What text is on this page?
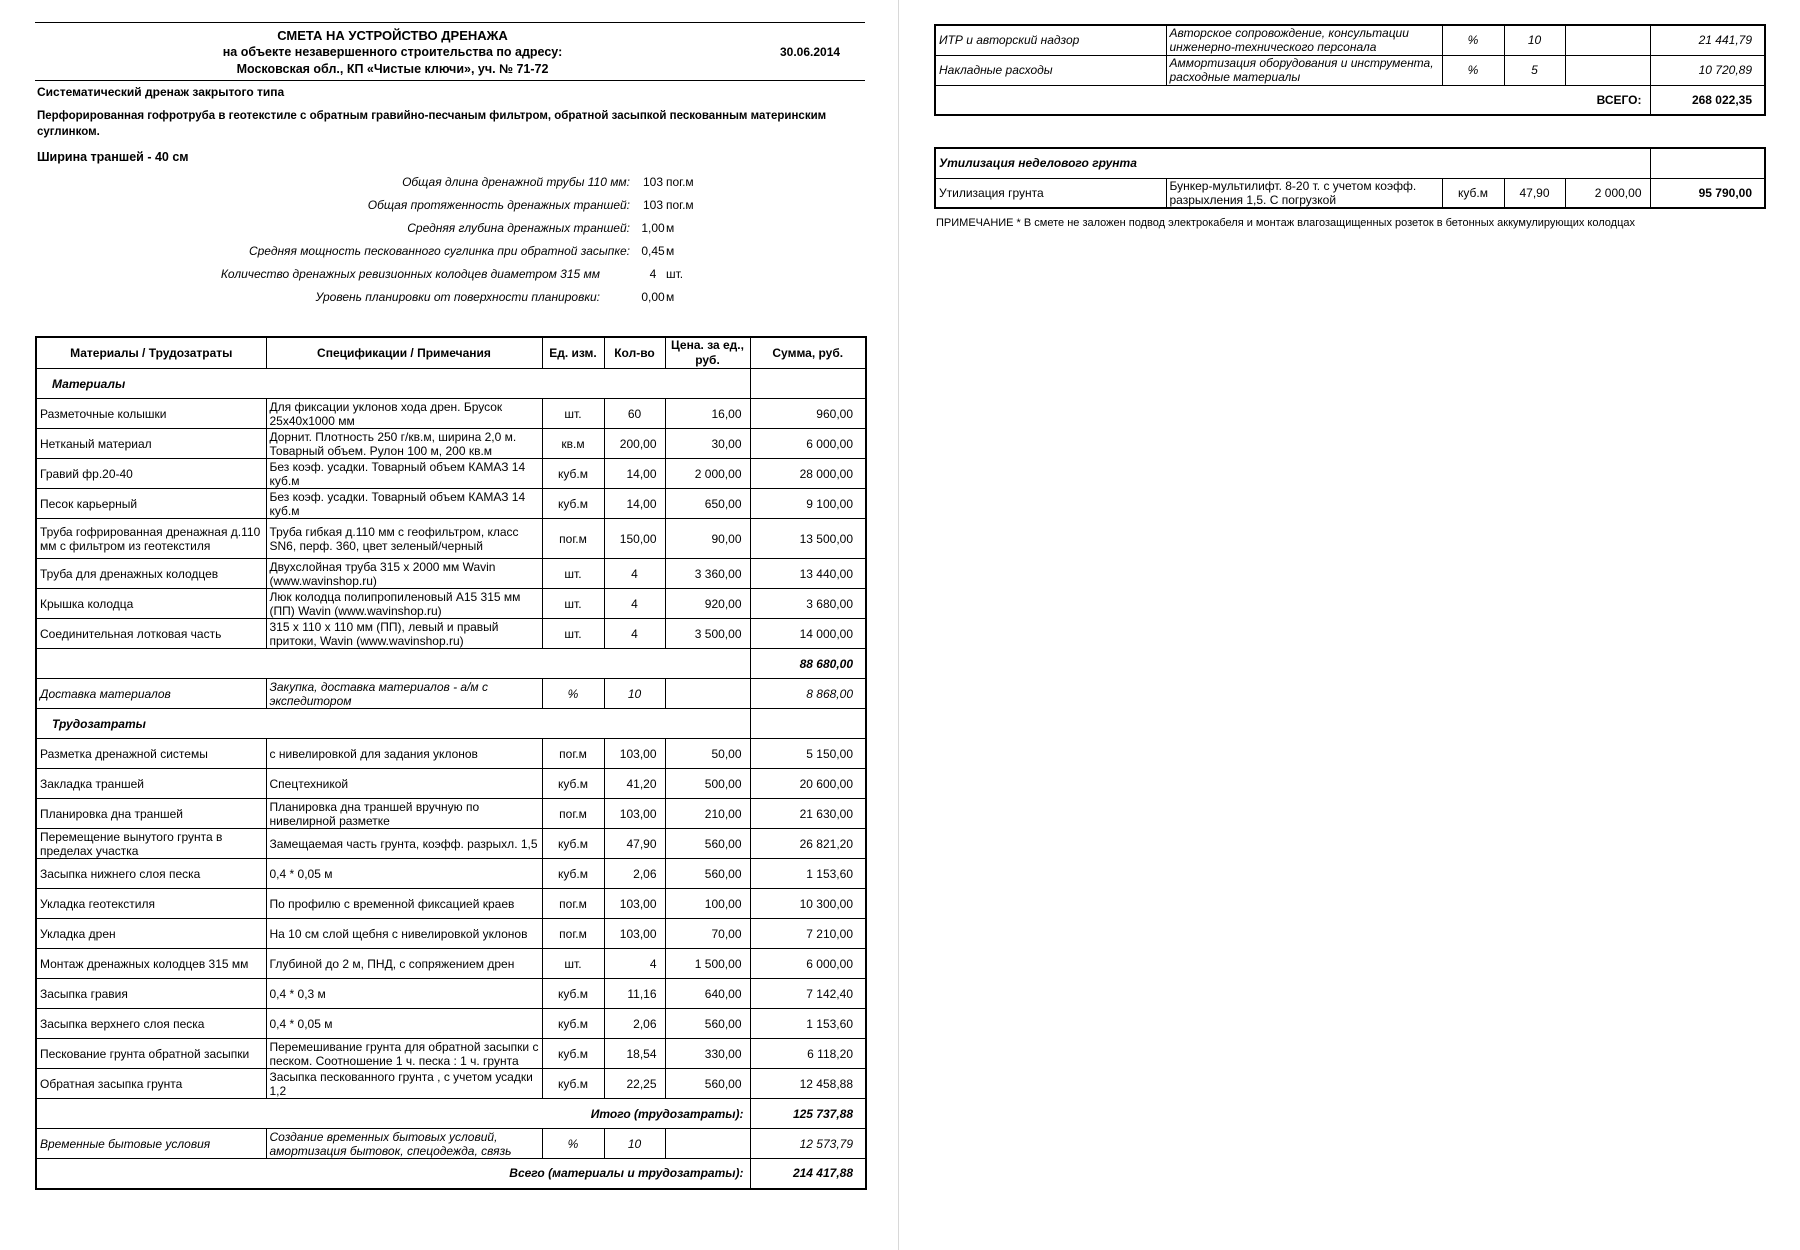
СМЕТА НА УСТРОЙСТВО ДРЕНАЖА
на объекте незавершенного строительства по адресу:	30.06.2014
Московская обл., КП «Чистые ключи», уч. № 71-72
Систематический дренаж закрытого типа
Перфорированная гофротруба в геотекстиле с обратным гравийно-песчаным фильтром, обратной засыпкой пескованным материнским суглинком.
Ширина траншей - 40 см
Общая длина дренажной трубы 110 мм:	103 пог.м
Общая протяженность дренажных траншей:	103 пог.м
Средняя глубина дренажных траншей: 1,00 м
Средняя мощность пескованного суглинка при обратной засыпке: 0,45 м
Количество дренажных ревизионных колодцев диаметром 315 мм	4 шт.
Уровень планировки от поверхности планировки:	0,00 м
Материалы / Трудозатраты	Спецификации / Примечания	Ед. изм.	Кол-во	Цена. за ед., руб.	Сумма, руб.
Материалы					
Разметочные колышки	Для фиксации уклонов хода дрен. Брусок 25х40х1000 мм	шт.	60	16,00	960,00
Нетканый материал	Дорнит. Плотность 250 г/кв.м, ширина 2,0 м. Товарный объем. Рулон 100 м, 200 кв.м	кв.м	200,00	30,00	6 000,00
Гравий фр.20-40	Без коэф. усадки. Товарный объем КАМАЗ 14 куб.м	куб.м	14,00	2 000,00	28 000,00
Песок карьерный	Без коэф. усадки. Товарный объем КАМАЗ 14 куб.м	куб.м	14,00	650,00	9 100,00
Труба гофрированная дренажная д.110 мм с фильтром из геотекстиля	Труба гибкая д.110 мм с геофильтром, класс SN6, перф. 360, цвет зеленый/черный	пог.м	150,00	90,00	13 500,00
Труба для дренажных колодцев	Двухслойная труба 315 х 2000 мм Wavin (www.wavinshop.ru)	шт.	4	3 360,00	13 440,00
Крышка колодца	Люк колодца полипропиленовый А15 315 мм (ПП) Wavin (www.wavinshop.ru)	шт.	4	920,00	3 680,00
Соединительная лотковая часть	315 х 110 х 110 мм (ПП), левый и правый притоки, Wavin (www.wavinshop.ru)	шт.	4	3 500,00	14 000,00
					88 680,00
Доставка материалов	Закупка, доставка материалов - а/м с экспедитором	%	10		8 868,00
Трудозатраты					
Разметка дренажной системы	с нивелировкой для задания уклонов	пог.м	103,00	50,00	5 150,00
Закладка траншей	Спецтехникой	куб.м	41,20	500,00	20 600,00
Планировка дна траншей	Планировка дна траншей вручную по нивелирной разметке	пог.м	103,00	210,00	21 630,00
Перемещение вынутого грунта в пределах участка	Замещаемая часть грунта, коэфф. разрыхл. 1,5	куб.м	47,90	560,00	26 821,20
Засыпка нижнего слоя песка	0,4 * 0,05 м	куб.м	2,06	560,00	1 153,60
Укладка геотекстиля	По профилю с временной фиксацией краев	пог.м	103,00	100,00	10 300,00
Укладка дрен	На 10 см слой щебня с нивелировкой уклонов	пог.м	103,00	70,00	7 210,00
Монтаж дренажных колодцев 315 мм	Глубиной до 2 м, ПНД, с сопряжением дрен	шт.	4	1 500,00	6 000,00
Засыпка гравия	0,4 * 0,3 м	куб.м	11,16	640,00	7 142,40
Засыпка верхнего слоя песка	0,4 * 0,05 м	куб.м	2,06	560,00	1 153,60
Пескование грунта обратной засыпки	Перемешивание грунта для обратной засыпки с песком. Соотношение 1 ч. песка : 1 ч. грунта	куб.м	18,54	330,00	6 118,20
Обратная засыпка грунта	Засыпка пескованного грунта , с учетом усадки 1,2	куб.м	22,25	560,00	12 458,88
Итого (трудозатраты):					125 737,88
Временные бытовые условия	Создание временных бытовых условий, амортизация бытовок, спецодежда, связь	%	10		12 573,79
Всего (материалы и трудозатраты):					214 417,88
ИТР и авторский надзор	Авторское сопровождение, консультации инженерно-технического персонала	%	10		21 441,79
Накладные расходы	Аммортизация оборудования и инструмента, расходные материалы	%	5		10 720,89
ВСЕГО:					268 022,35
Утилизация неделового грунта					
Утилизация грунта	Бункер-мультилифт. 8-20 т. с учетом коэфф. разрыхления 1,5. С погрузкой	куб.м	47,90	2 000,00	95 790,00
ПРИМЕЧАНИЕ * В смете не заложен подвод электрокабеля и монтаж влагозащищенных розеток в бетонных аккумулирующих колодцах
